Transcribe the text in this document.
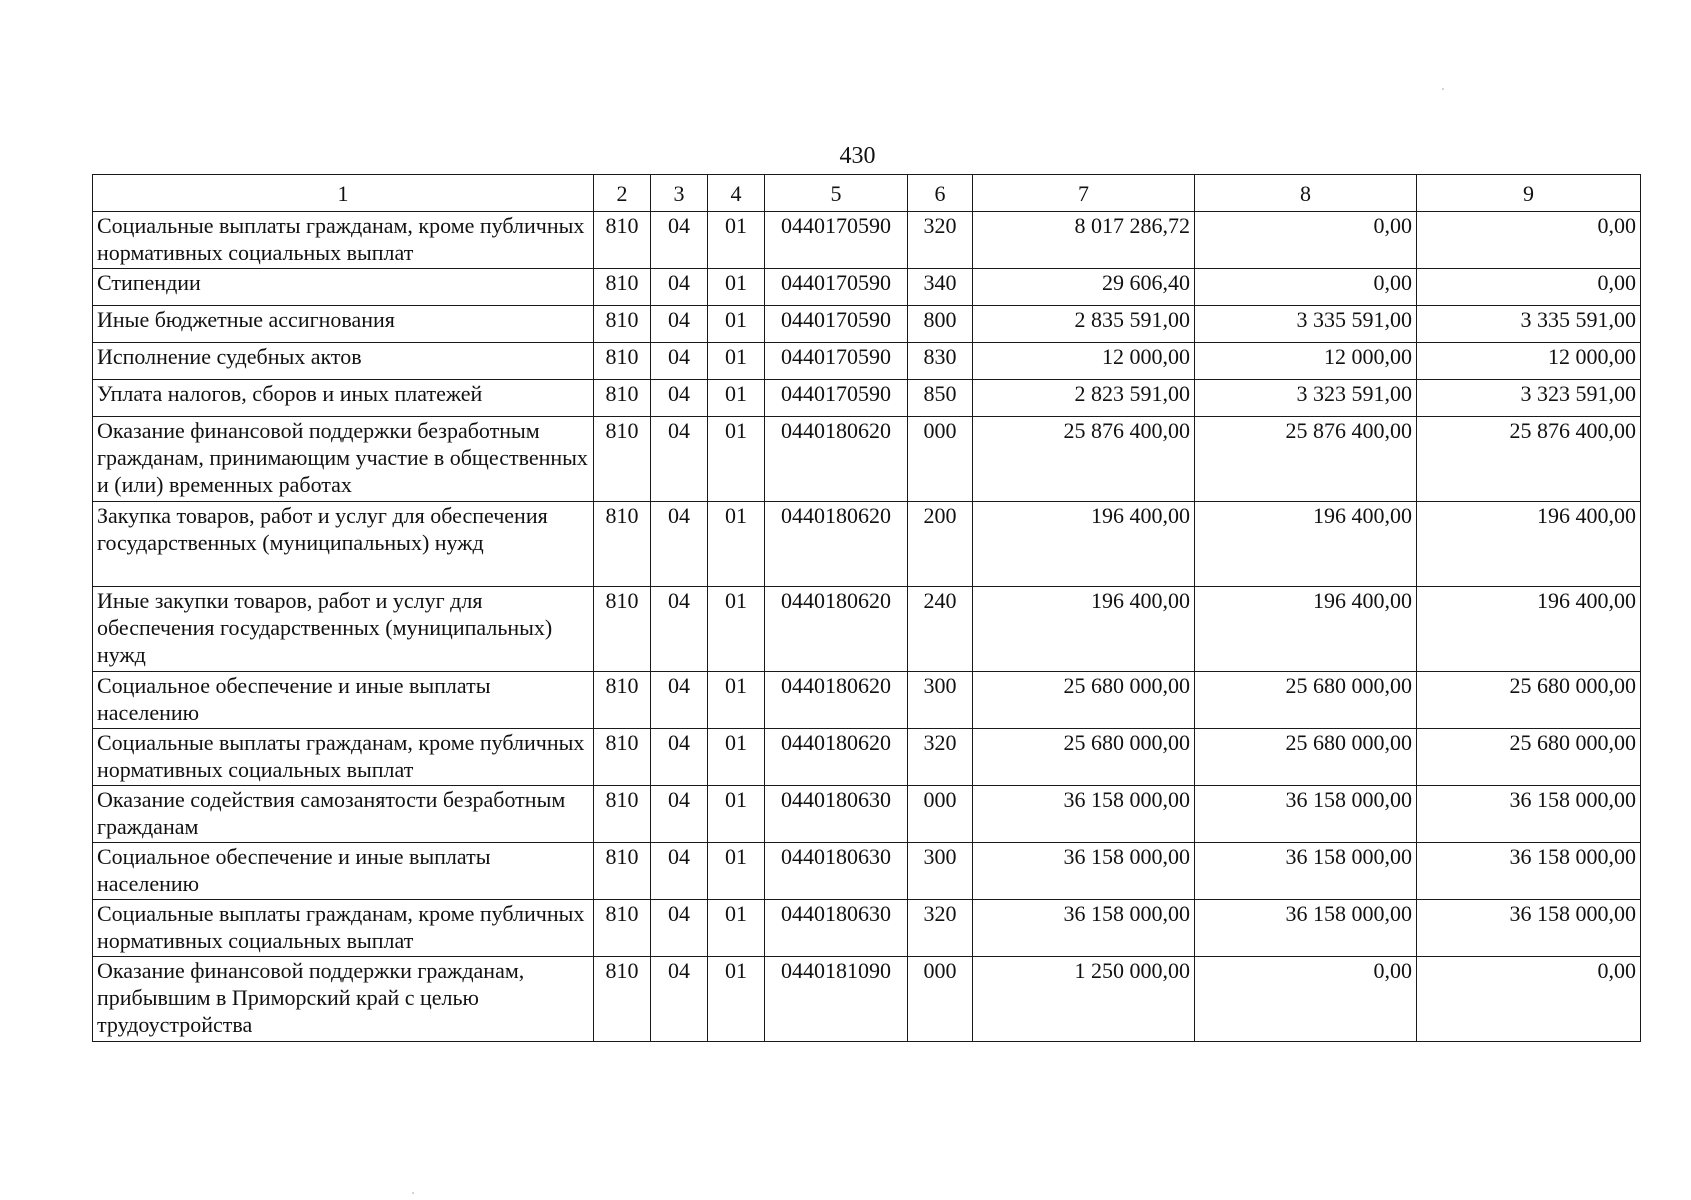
430
1	2	3	4	5	6	7	8	9
Социальные выплаты гражданам, кроме публичных нормативных социальных выплат	810	04	01	0440170590	320	8 017 286,72	0,00	0,00
Стипендии	810	04	01	0440170590	340	29 606,40	0,00	0,00
Иные бюджетные ассигнования	810	04	01	0440170590	800	2 835 591,00	3 335 591,00	3 335 591,00
Исполнение судебных актов	810	04	01	0440170590	830	12 000,00	12 000,00	12 000,00
Уплата налогов, сборов и иных платежей	810	04	01	0440170590	850	2 823 591,00	3 323 591,00	3 323 591,00
Оказание финансовой поддержки безработным гражданам, принимающим участие в общественных и (или) временных работах	810	04	01	0440180620	000	25 876 400,00	25 876 400,00	25 876 400,00
Закупка товаров, работ и услуг для обеспечения государственных (муниципальных) нужд	810	04	01	0440180620	200	196 400,00	196 400,00	196 400,00
Иные закупки товаров, работ и услуг для обеспечения государственных (муниципальных) нужд	810	04	01	0440180620	240	196 400,00	196 400,00	196 400,00
Социальное обеспечение и иные выплаты населению	810	04	01	0440180620	300	25 680 000,00	25 680 000,00	25 680 000,00
Социальные выплаты гражданам, кроме публичных нормативных социальных выплат	810	04	01	0440180620	320	25 680 000,00	25 680 000,00	25 680 000,00
Оказание содействия самозанятости безработным гражданам	810	04	01	0440180630	000	36 158 000,00	36 158 000,00	36 158 000,00
Социальное обеспечение и иные выплаты населению	810	04	01	0440180630	300	36 158 000,00	36 158 000,00	36 158 000,00
Социальные выплаты гражданам, кроме публичных нормативных социальных выплат	810	04	01	0440180630	320	36 158 000,00	36 158 000,00	36 158 000,00
Оказание финансовой поддержки гражданам, прибывшим в Приморский край с целью трудоустройства	810	04	01	0440181090	000	1 250 000,00	0,00	0,00
